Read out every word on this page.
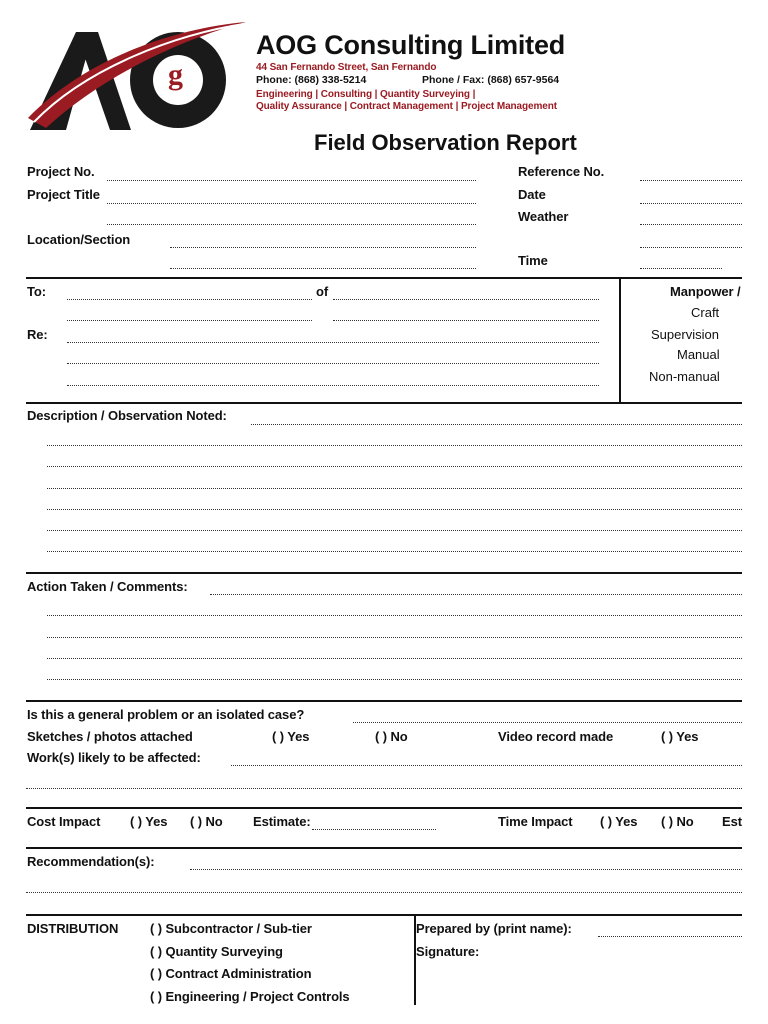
g
AOG Consulting Limited
44 San Fernando Street, San Fernando
Phone: (868) 338-5214	Phone / Fax: (868) 657-9564
Engineering | Consulting | Quantity Surveying |
Quality Assurance | Contract Management | Project Management
Field Observation Report
Project No.
Project Title
Location/Section
Reference No.
Date
Weather
Time
To:	of
Re:
Manpower /
Craft
Supervision
Manual
Non-manual
Description / Observation Noted:
Action Taken / Comments:
Is this a general problem or an isolated case?
Sketches / photos attached	( ) Yes	( ) No	Video record made	( ) Yes
Work(s) likely to be affected:
Cost Impact ( ) Yes ( ) No Estimate:	Time Impact ( ) Yes ( ) No Est
Recommendation(s):
DISTRIBUTION ( ) Subcontractor / Sub-tier
( ) Quantity Surveying
( ) Contract Administration
( ) Engineering / Project Controls
Prepared by (print name):
Signature:
